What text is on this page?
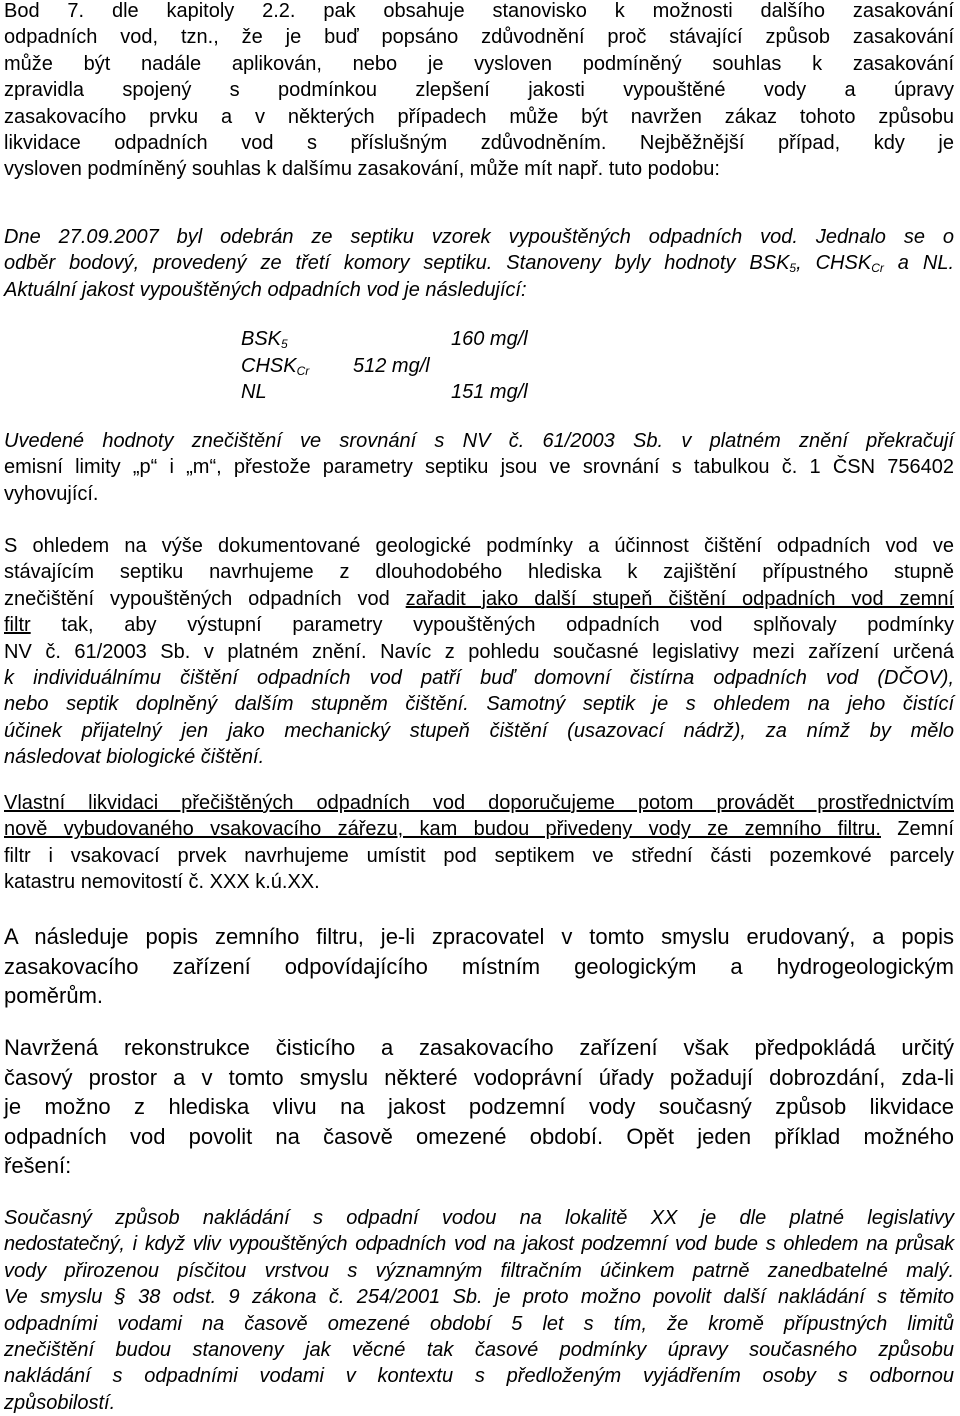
Bod 7. dle kapitoly 2.2. pak obsahuje stanovisko k možnosti dalšího zasakování
odpadních vod, tzn., že je buď popsáno zdůvodnění proč stávající způsob zasakování
může být nadále aplikován, nebo je vysloven podmíněný souhlas k zasakování
zpravidla spojený s podmínkou zlepšení jakosti vypouštěné vody a úpravy
zasakovacího prvku a v některých případech může být navržen zákaz tohoto způsobu
likvidace odpadních vod s příslušným zdůvodněním. Nejběžnější případ, kdy je
vysloven podmíněný souhlas k dalšímu zasakování, může mít např. tuto podobu:
Dne 27.09.2007 byl odebrán ze septiku vzorek vypouštěných odpadních vod. Jednalo se o
odběr bodový, provedený ze třetí komory septiku. Stanoveny byly hodnoty $BSK_5$, $CHSK_{Cr}$ a NL.
Aktuální jakost vypouštěných odpadních vod je následující:
$BSK_5$	160 mg/l
$CHSK_{Cr}$ 512 mg/l
NL	151 mg/l
Uvedené hodnoty znečištění ve srovnání s NV č. 61/2003 Sb. v platném znění překračují
emisní limity „p“ i „m“, přestože parametry septiku jsou ve srovnání s tabulkou č. 1 ČSN 756402
vyhovující.
S ohledem na výše dokumentované geologické podmínky a účinnost čištění odpadních vod ve
stávajícím septiku navrhujeme z dlouhodobého hlediska k zajištění přípustného stupně
znečištění vypouštěných odpadních vod zařadit jako další stupeň čištění odpadních vod zemní
filtr tak, aby výstupní parametry vypouštěných odpadních vod splňovaly podmínky
NV č. 61/2003 Sb. v platném znění. Navíc z pohledu současné legislativy mezi zařízení určená
k individuálnímu čištění odpadních vod patří buď domovní čistírna odpadních vod (DČOV),
nebo septik doplněný dalším stupněm čištění. Samotný septik je s ohledem na jeho čistící
účinek přijatelný jen jako mechanický stupeň čištění (usazovací nádrž), za nímž by mělo
následovat biologické čištění.
Vlastní likvidaci přečištěných odpadních vod doporučujeme potom provádět prostřednictvím
nově vybudovaného vsakovacího zářezu, kam budou přivedeny vody ze zemního filtru. Zemní
filtr i vsakovací prvek navrhujeme umístit pod septikem ve střední části pozemkové parcely
katastru nemovitostí č. XXX k.ú.XX.
A následuje popis zemního filtru, je-li zpracovatel v tomto smyslu erudovaný, a popis
zasakovacího zařízení odpovídajícího místním geologickým a hydrogeologickým
poměrům.
Navržená rekonstrukce čisticího a zasakovacího zařízení však předpokládá určitý
časový prostor a v tomto smyslu některé vodoprávní úřady požadují dobrozdání, zda-li
je možno z hlediska vlivu na jakost podzemní vody současný způsob likvidace
odpadních vod povolit na časově omezené období. Opět jeden příklad možného
řešení:
Současný způsob nakládání s odpadní vodou na lokalitě XX je dle platné legislativy
nedostatečný, i když vliv vypouštěných odpadních vod na jakost podzemní vod bude s ohledem na průsak
vody přirozenou písčitou vrstvou s významným filtračním účinkem patrně zanedbatelné malý.
Ve smyslu § 38 odst. 9 zákona č. 254/2001 Sb. je proto možno povolit další nakládání s těmito
odpadními vodami na časově omezené období 5 let s tím, že kromě přípustných limitů
znečištění budou stanoveny jak věcné tak časové podmínky úpravy současného způsobu
nakládání s odpadními vodami v kontextu s předloženým vyjádřením osoby s odbornou
způsobilostí.
